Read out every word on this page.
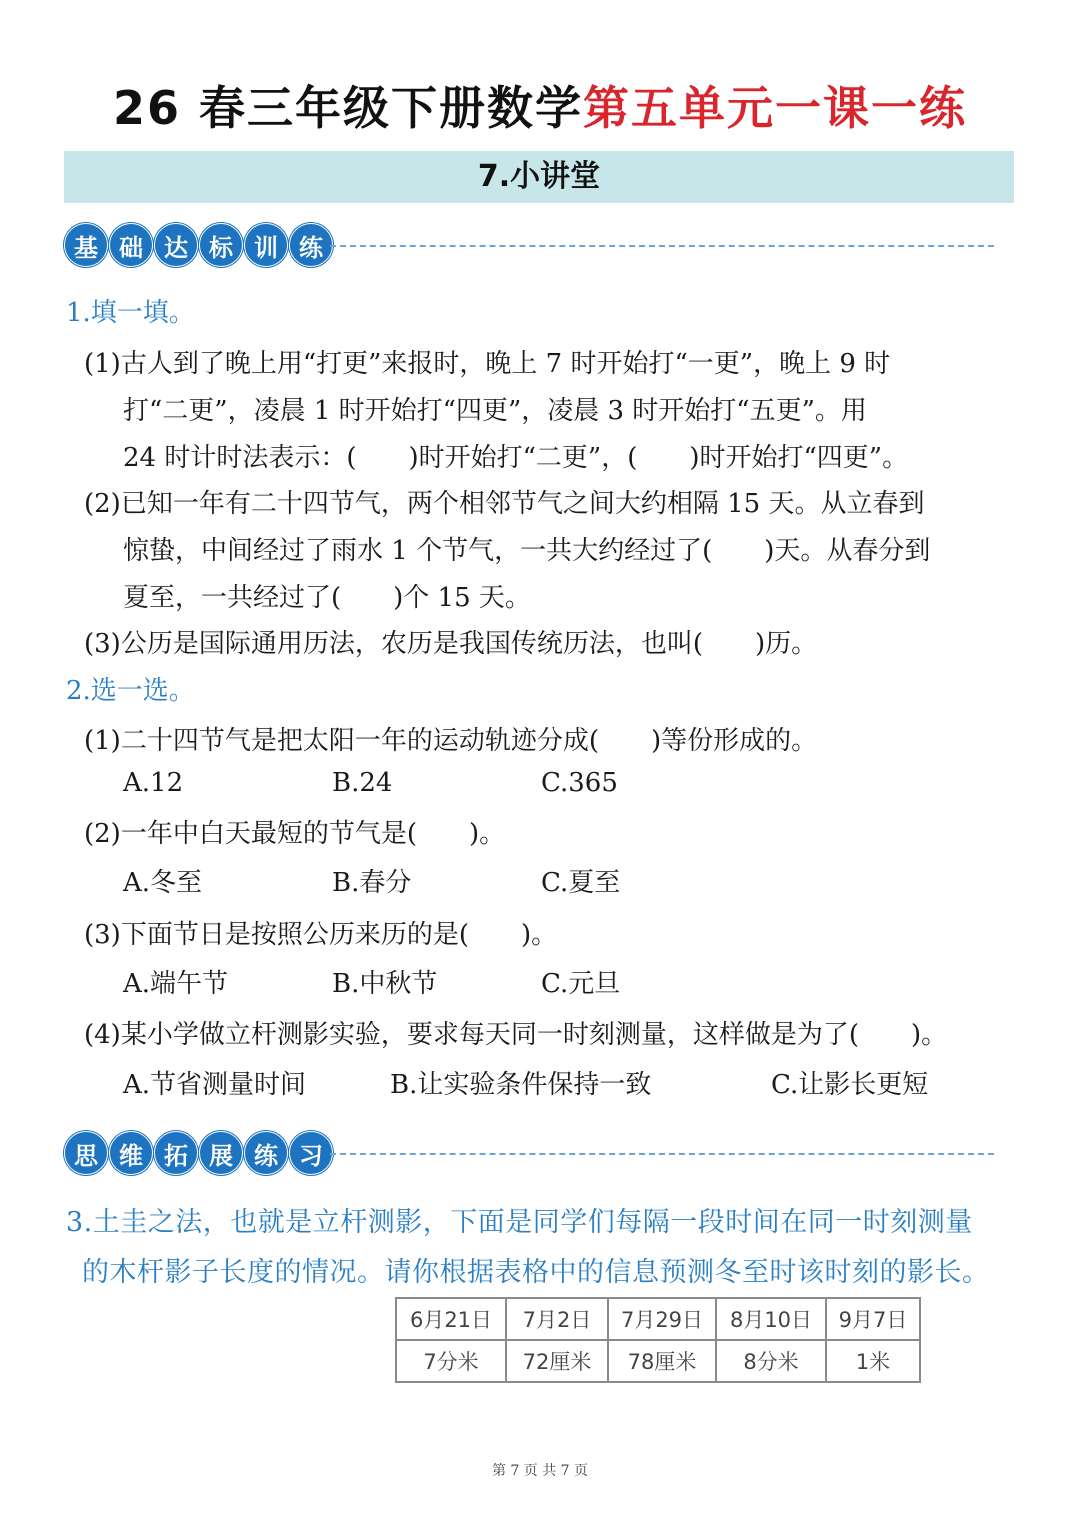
26 春三年级下册数学第五单元一课一练
7.小讲堂
基 础 达 标 训 练
1.填一填。
(1)古人到了晚上用“打更”来报时，晚上 7 时开始打“一更”，晚上 9 时
打“二更”，凌晨 1 时开始打“四更”，凌晨 3 时开始打“五更”。用
24 时计时法表示：(　　)时开始打“二更”，(　　)时开始打“四更”。
(2)已知一年有二十四节气，两个相邻节气之间大约相隔 15 天。从立春到
惊蛰，中间经过了雨水 1 个节气，一共大约经过了(　　)天。从春分到
夏至，一共经过了(　　)个 15 天。
(3)公历是国际通用历法，农历是我国传统历法，也叫(　　)历。
2.选一选。
(1)二十四节气是把太阳一年的运动轨迹分成(　　)等份形成的。
A.12	B.24	C.365
(2)一年中白天最短的节气是(　　)。
A.冬至	B.春分	C.夏至
(3)下面节日是按照公历来历的是(　　)。
A.端午节	B.中秋节	C.元旦
(4)某小学做立杆测影实验，要求每天同一时刻测量，这样做是为了(　　)。
A.节省测量时间	B.让实验条件保持一致	C.让影长更短
思 维 拓 展 练 习
3.土圭之法，也就是立杆测影，下面是同学们每隔一段时间在同一时刻测量
的木杆影子长度的情况。请你根据表格中的信息预测冬至时该时刻的影长。
6月21日	7月2日	7月29日	8月10日	9月7日
7分米	72厘米	78厘米	8分米	1米
第 7 页 共 7 页
